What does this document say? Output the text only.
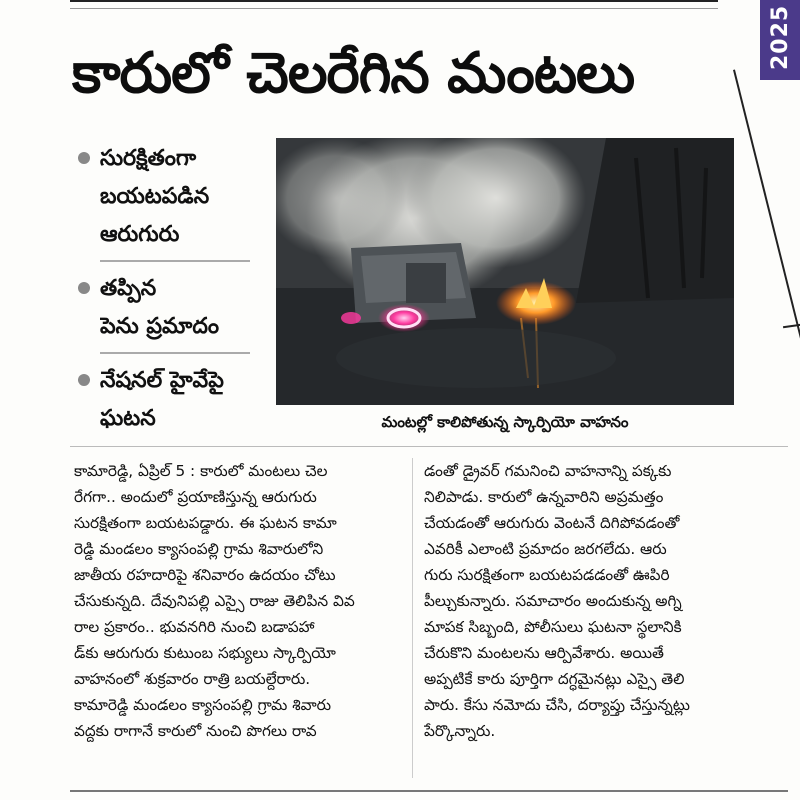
2025
కారులో చెలరేగిన మంటలు
సురక్షితంగా
బయటపడిన
ఆరుగురు
తప్పిన
పెను ప్రమాదం
నేషనల్ హైవేపై
ఘటన	మంటల్లో కాలిపోతున్న స్కార్పియో వాహనం
కామారెడ్డి, ఏప్రిల్ 5 : కారులో మంటలు చెల
రేగగా.. అందులో ప్రయాణిస్తున్న ఆరుగురు
సురక్షితంగా బయటపడ్డారు. ఈ ఘటన కామా
రెడ్డి మండలం క్యాసంపల్లి గ్రామ శివారులోని
జాతీయ రహదారిపై శనివారం ఉదయం చోటు
చేసుకున్నది. దేవునిపల్లి ఎస్సై రాజు తెలిపిన వివ
రాల ప్రకారం.. భువనగిరి నుంచి బడాపహా
డ్‌కు ఆరుగురు కుటుంబ సభ్యులు స్కార్పియో
వాహనంలో శుక్రవారం రాత్రి బయల్దేరారు.
కామారెడ్డి మండలం క్యాసంపల్లి గ్రామ శివారు
వద్దకు రాగానే కారులో నుంచి పొగలు రావ
డంతో డ్రైవర్ గమనించి వాహనాన్ని పక్కకు
నిలిపాడు. కారులో ఉన్నవారిని అప్రమత్తం
చేయడంతో ఆరుగురు వెంటనే దిగిపోవడంతో
ఎవరికీ ఎలాంటి ప్రమాదం జరగలేదు. ఆరు
గురు సురక్షితంగా బయటపడడంతో ఊపిరి
పీల్చుకున్నారు. సమాచారం అందుకున్న అగ్ని
మాపక సిబ్బంది, పోలీసులు ఘటనా స్థలానికి
చేరుకొని మంటలను ఆర్పివేశారు. అయితే
అప్పటికే కారు పూర్తిగా దగ్ధమైనట్లు ఎస్సై తెలి
పారు. కేసు నమోదు చేసి, దర్యాప్తు చేస్తున్నట్లు
పేర్కొన్నారు.
